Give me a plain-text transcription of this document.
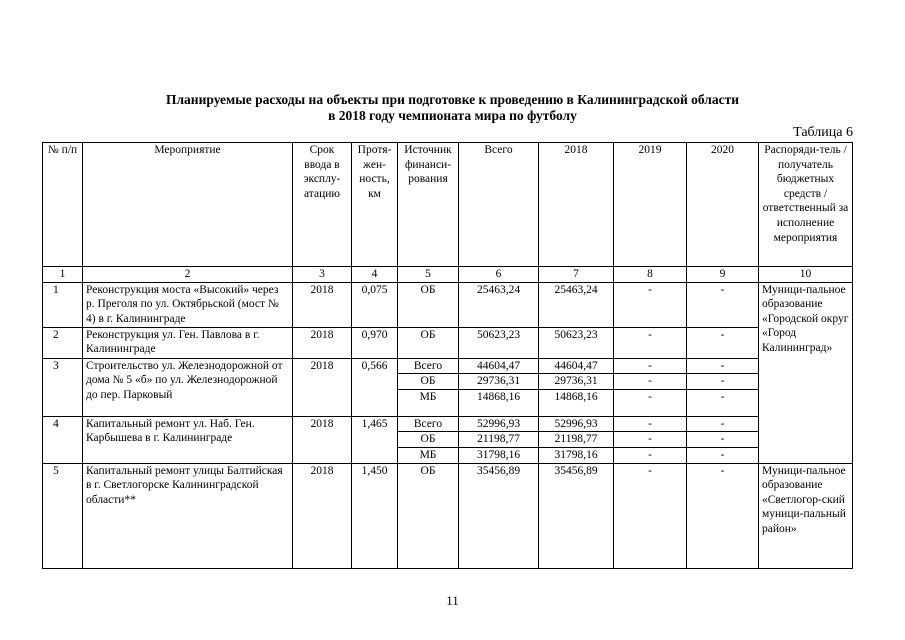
Планируемые расходы на объекты при подготовке к проведению в Калининградской области
в 2018 году чемпионата мира по футболу
Таблица 6
№ п/п	Мероприятие	Срок ввода в эксплу-атацию	Протя-жен-ность, км	Источник финанси-рования	Всего	2018	2019	2020	Распоряди-тель / получатель бюджетных средств / ответственный за исполнение мероприятия
1	2	3	4	5	6	7	8	9	10
1	Реконструкция моста «Высокий» через р. Преголя по ул. Октябрьской (мост № 4) в г. Калининграде	2018	0,075	ОБ	25463,24	25463,24	-	-	Муници-пальное образование «Городской округ «Город Калининград»
2	Реконструкция ул. Ген. Павлова в г. Калининграде	2018	0,970	ОБ	50623,23	50623,23	-	-	
3	Строительство ул. Железнодорожной от дома № 5 «б» по ул. Железнодорожной до пер. Парковый	2018	0,566	Всего	44604,47	44604,47	-	-	
				ОБ	29736,31	29736,31	-	-	
				МБ	14868,16	14868,16	-	-	

4	Капитальный ремонт ул. Наб. Ген. Карбышева в г. Калининграде	2018	1,465	Всего	52996,93	52996,93	-	-	
				ОБ	21198,77	21198,77	-	-	
				МБ	31798,16	31798,16	-	-	
5	Капитальный ремонт улицы Балтийская в г. Светлогорске Калининградской области**	2018	1,450	ОБ	35456,89	35456,89	-	-	Муници-пальное образование «Светлогор-ский муници-пальный район»
11
